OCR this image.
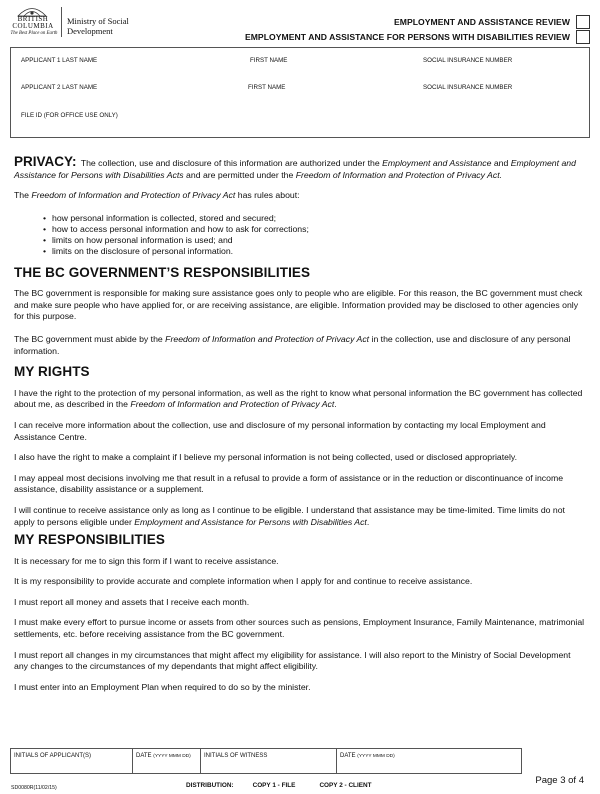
BRITISH COLUMBIA
The Best Place on Earth
Ministry of Social Development
EMPLOYMENT AND ASSISTANCE REVIEW
EMPLOYMENT AND ASSISTANCE FOR PERSONS WITH DISABILITIES REVIEW
APPLICANT 1 LAST NAME	FIRST NAME	SOCIAL INSURANCE NUMBER
APPLICANT 2 LAST NAME	FIRST NAME	SOCIAL INSURANCE NUMBER
FILE ID (FOR OFFICE USE ONLY)

PRIVACY: The collection, use and disclosure of this information are authorized under the Employment and Assistance and Employment and Assistance for Persons with Disabilities Acts and are permitted under the Freedom of Information and Protection of Privacy Act.

The Freedom of Information and Protection of Privacy Act has rules about:

• how personal information is collected, stored and secured;
• how to access personal information and how to ask for corrections;
• limits on how personal information is used; and
• limits on the disclosure of personal information.
THE BC GOVERNMENT’S RESPONSIBILITIES

The BC government is responsible for making sure assistance goes only to people who are eligible. For this reason, the BC government must check and make sure people who have applied for, or are receiving assistance, are eligible. Information provided may be disclosed to other agencies only for this purpose.

The BC government must abide by the Freedom of Information and Protection of Privacy Act in the collection, use and disclosure of any personal information.

MY RIGHTS

I have the right to the protection of my personal information, as well as the right to know what personal information the BC government has collected about me, as described in the Freedom of Information and Protection of Privacy Act.

I can receive more information about the collection, use and disclosure of my personal information by contacting my local Employment and Assistance Centre.

I also have the right to make a complaint if I believe my personal information is not being collected, used or disclosed appropriately.

I may appeal most decisions involving me that result in a refusal to provide a form of assistance or in the reduction or discontinuance of income assistance, disability assistance or a supplement.

I will continue to receive assistance only as long as I continue to be eligible. I understand that assistance may be time-limited. Time limits do not apply to persons eligible under Employment and Assistance for Persons with Disabilities Act.

MY RESPONSIBILITIES

It is necessary for me to sign this form if I want to receive assistance.

It is my responsibility to provide accurate and complete information when I apply for and continue to receive assistance.

I must report all money and assets that I receive each month.

I must make every effort to pursue income or assets from other sources such as pensions, Employment Insurance, Family Maintenance, matrimonial settlements, etc. before receiving assistance from the BC government.

I must report all changes in my circumstances that might affect my eligibility for assistance. I will also report to the Ministry of Social Development any changes to the circumstances of my dependants that might affect eligibility.

I must enter into an Employment Plan when required to do so by the minister.

INITIALS OF APPLICANT(S)	DATE (YYYY MMM DD)	INITIALS OF WITNESS	DATE (YYYY MMM DD)
Page 3 of 4
SD0080R(11/02/15)	DISTRIBUTION:	COPY 1 - FILE	COPY 2 - CLIENT
